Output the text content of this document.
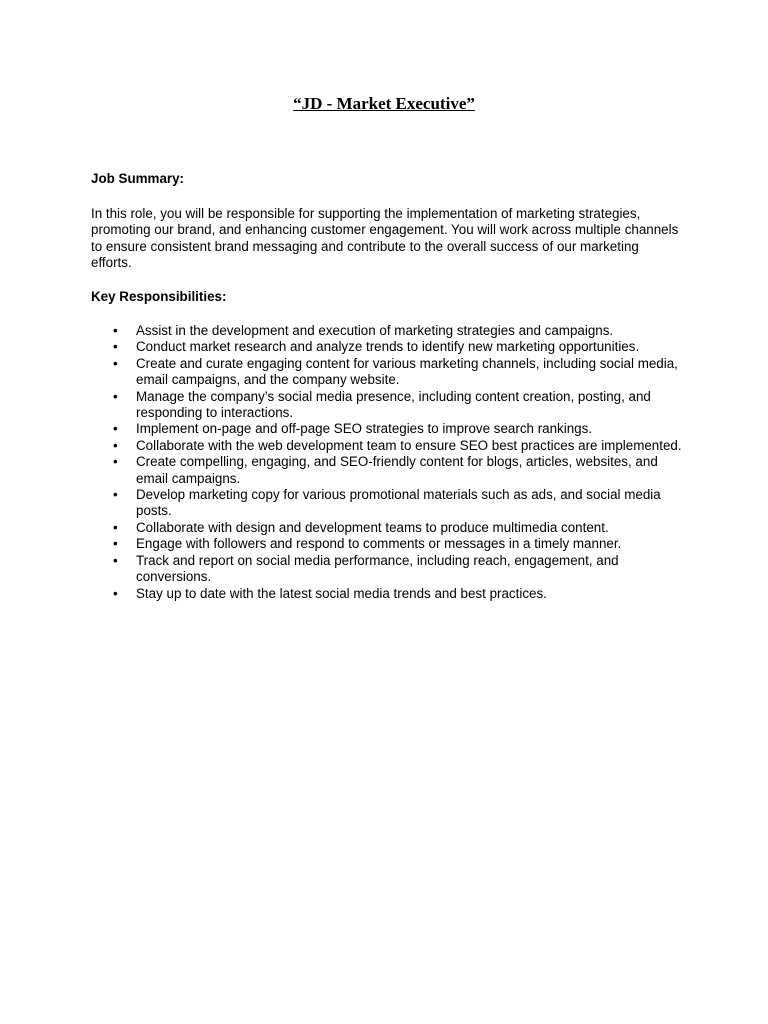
“JD - Market Executive”
Job Summary:

In this role, you will be responsible for supporting the implementation of marketing strategies, promoting our brand, and enhancing customer engagement. You will work across multiple channels to ensure consistent brand messaging and contribute to the overall success of our marketing efforts.

Key Responsibilities:
•	Assist in the development and execution of marketing strategies and campaigns.
•	Conduct market research and analyze trends to identify new marketing opportunities.
•	Create and curate engaging content for various marketing channels, including social media, email campaigns, and the company website.
•	Manage the company’s social media presence, including content creation, posting, and responding to interactions.
•	Implement on-page and off-page SEO strategies to improve search rankings.
•	Collaborate with the web development team to ensure SEO best practices are implemented.
•	Create compelling, engaging, and SEO-friendly content for blogs, articles, websites, and email campaigns.
•	Develop marketing copy for various promotional materials such as ads, and social media posts.
•	Collaborate with design and development teams to produce multimedia content.
•	Engage with followers and respond to comments or messages in a timely manner.
•	Track and report on social media performance, including reach, engagement, and conversions.
•	Stay up to date with the latest social media trends and best practices.
